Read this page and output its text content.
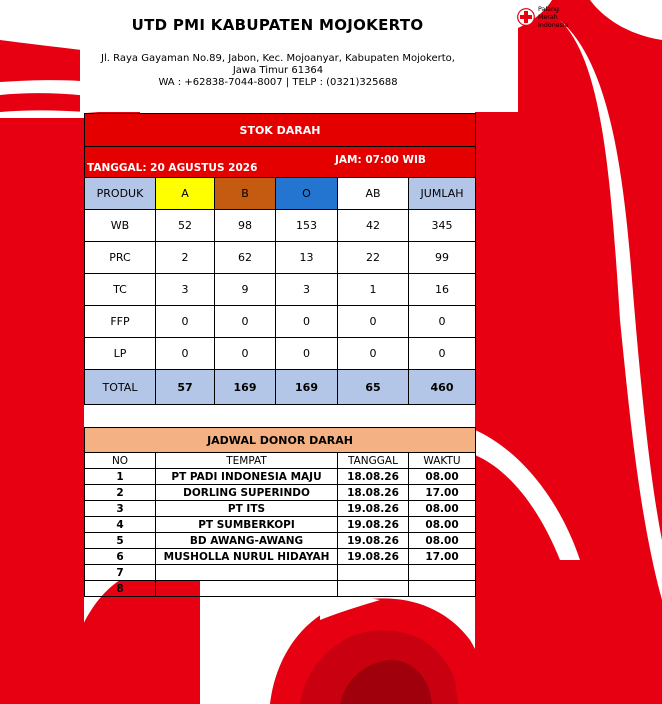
UTD PMI KABUPATEN MOJOKERTO
Jl. Raya Gayaman No.89, Jabon, Kec. Mojoanyar, Kabupaten Mojokerto, Jawa Timur 61364
WA : +62838-7044-8007 | TELP : (0321)325688
Palang
Merah
Indonesia
STOK DARAH					

TANGGAL: 20 AGUSTUS 2026
JAM: 07:00 WIB					

PRODUK	A	B	O	AB	JUMLAH
WB	52	98	153	42	345
PRC	2	62	13	22	99
TC	3	9	3	1	16
FFP	0	0	0	0	0
LP	0	0	0	0	0
TOTAL	57	169	169	65	460
JADWAL DONOR DARAH			
NO	TEMPAT	TANGGAL	WAKTU
1	PT PADI INDONESIA MAJU	18.08.26	08.00
2	DORLING SUPERINDO	18.08.26	17.00
3	PT ITS	19.08.26	08.00
4	PT SUMBERKOPI	19.08.26	08.00
5	BD AWANG-AWANG	19.08.26	08.00
6	MUSHOLLA NURUL HIDAYAH	19.08.26	17.00
7			
8			
